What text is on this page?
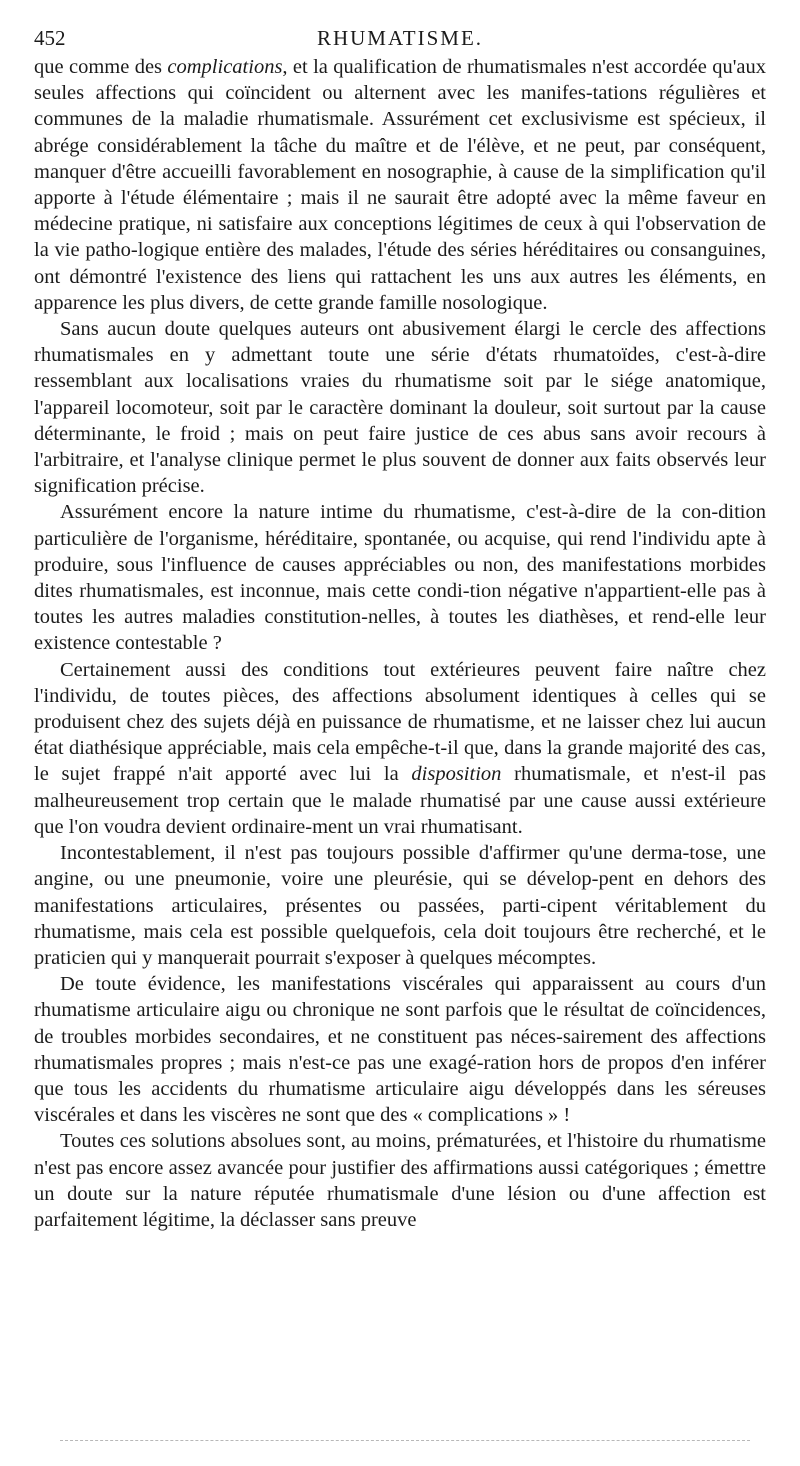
452	RHUMATISME.

que comme des complications, et la qualification de rhumatismales n'est accordée qu'aux seules affections qui coïncident ou alternent avec les manifes-tations régulières et communes de la maladie rhumatismale. Assurément cet exclusivisme est spécieux, il abrége considérablement la tâche du maître et de l'élève, et ne peut, par conséquent, manquer d'être accueilli favorablement en nosographie, à cause de la simplification qu'il apporte à l'étude élémentaire ; mais il ne saurait être adopté avec la même faveur en médecine pratique, ni satisfaire aux conceptions légitimes de ceux à qui l'observation de la vie patho-logique entière des malades, l'étude des séries héréditaires ou consanguines, ont démontré l'existence des liens qui rattachent les uns aux autres les éléments, en apparence les plus divers, de cette grande famille nosologique.

Sans aucun doute quelques auteurs ont abusivement élargi le cercle des affections rhumatismales en y admettant toute une série d'états rhumatoïdes, c'est-à-dire ressemblant aux localisations vraies du rhumatisme soit par le siége anatomique, l'appareil locomoteur, soit par le caractère dominant la douleur, soit surtout par la cause déterminante, le froid ; mais on peut faire justice de ces abus sans avoir recours à l'arbitraire, et l'analyse clinique permet le plus souvent de donner aux faits observés leur signification précise.

Assurément encore la nature intime du rhumatisme, c'est-à-dire de la con-dition particulière de l'organisme, héréditaire, spontanée, ou acquise, qui rend l'individu apte à produire, sous l'influence de causes appréciables ou non, des manifestations morbides dites rhumatismales, est inconnue, mais cette condi-tion négative n'appartient-elle pas à toutes les autres maladies constitution-nelles, à toutes les diathèses, et rend-elle leur existence contestable ?

Certainement aussi des conditions tout extérieures peuvent faire naître chez l'individu, de toutes pièces, des affections absolument identiques à celles qui se produisent chez des sujets déjà en puissance de rhumatisme, et ne laisser chez lui aucun état diathésique appréciable, mais cela empêche-t-il que, dans la grande majorité des cas, le sujet frappé n'ait apporté avec lui la disposition rhumatismale, et n'est-il pas malheureusement trop certain que le malade rhumatisé par une cause aussi extérieure que l'on voudra devient ordinaire-ment un vrai rhumatisant.

Incontestablement, il n'est pas toujours possible d'affirmer qu'une derma-tose, une angine, ou une pneumonie, voire une pleurésie, qui se dévelop-pent en dehors des manifestations articulaires, présentes ou passées, parti-cipent véritablement du rhumatisme, mais cela est possible quelquefois, cela doit toujours être recherché, et le praticien qui y manquerait pourrait s'exposer à quelques mécomptes.

De toute évidence, les manifestations viscérales qui apparaissent au cours d'un rhumatisme articulaire aigu ou chronique ne sont parfois que le résultat de coïncidences, de troubles morbides secondaires, et ne constituent pas néces-sairement des affections rhumatismales propres ; mais n'est-ce pas une exagé-ration hors de propos d'en inférer que tous les accidents du rhumatisme articulaire aigu développés dans les séreuses viscérales et dans les viscères ne sont que des « complications » !

Toutes ces solutions absolues sont, au moins, prématurées, et l'histoire du rhumatisme n'est pas encore assez avancée pour justifier des affirmations aussi catégoriques ; émettre un doute sur la nature réputée rhumatismale d'une lésion ou d'une affection est parfaitement légitime, la déclasser sans preuve
